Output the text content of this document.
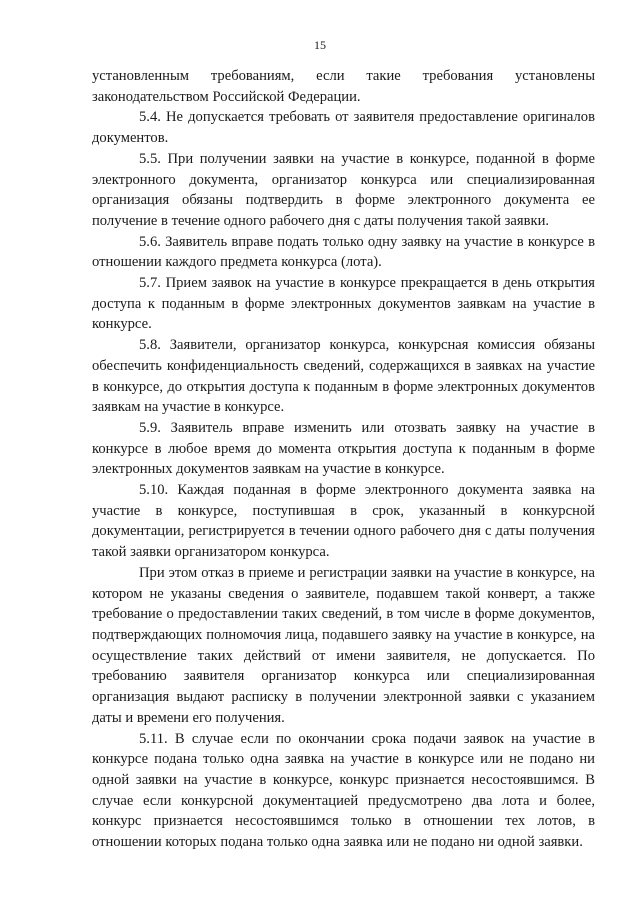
15

установленным требованиям, если такие требования установлены законодательством Российской Федерации.

5.4. Не допускается требовать от заявителя предоставление оригиналов документов.

5.5. При получении заявки на участие в конкурсе, поданной в форме электронного документа, организатор конкурса или специализированная организация обязаны подтвердить в форме электронного документа ее получение в течение одного рабочего дня с даты получения такой заявки.

5.6. Заявитель вправе подать только одну заявку на участие в конкурсе в отношении каждого предмета конкурса (лота).

5.7. Прием заявок на участие в конкурсе прекращается в день открытия доступа к поданным в форме электронных документов заявкам на участие в конкурсе.

5.8. Заявители, организатор конкурса, конкурсная комиссия обязаны обеспечить конфиденциальность сведений, содержащихся в заявках на участие в конкурсе, до открытия доступа к поданным в форме электронных документов заявкам на участие в конкурсе.

5.9. Заявитель вправе изменить или отозвать заявку на участие в конкурсе в любое время до момента открытия доступа к поданным в форме электронных документов заявкам на участие в конкурсе.

5.10. Каждая поданная в форме электронного документа заявка на участие в конкурсе, поступившая в срок, указанный в конкурсной документации, регистрируется в течении одного рабочего дня с даты получения такой заявки организатором конкурса.

При этом отказ в приеме и регистрации заявки на участие в конкурсе, на котором не указаны сведения о заявителе, подавшем такой конверт, а также требование о предоставлении таких сведений, в том числе в форме документов, подтверждающих полномочия лица, подавшего заявку на участие в конкурсе, на осуществление таких действий от имени заявителя, не допускается. По требованию заявителя организатор конкурса или специализированная организация выдают расписку в получении электронной заявки с указанием даты и времени его получения.

5.11. В случае если по окончании срока подачи заявок на участие в конкурсе подана только одна заявка на участие в конкурсе или не подано ни одной заявки на участие в конкурсе, конкурс признается несостоявшимся. В случае если конкурсной документацией предусмотрено два лота и более, конкурс признается несостоявшимся только в отношении тех лотов, в отношении которых подана только одна заявка или не подано ни одной заявки.
